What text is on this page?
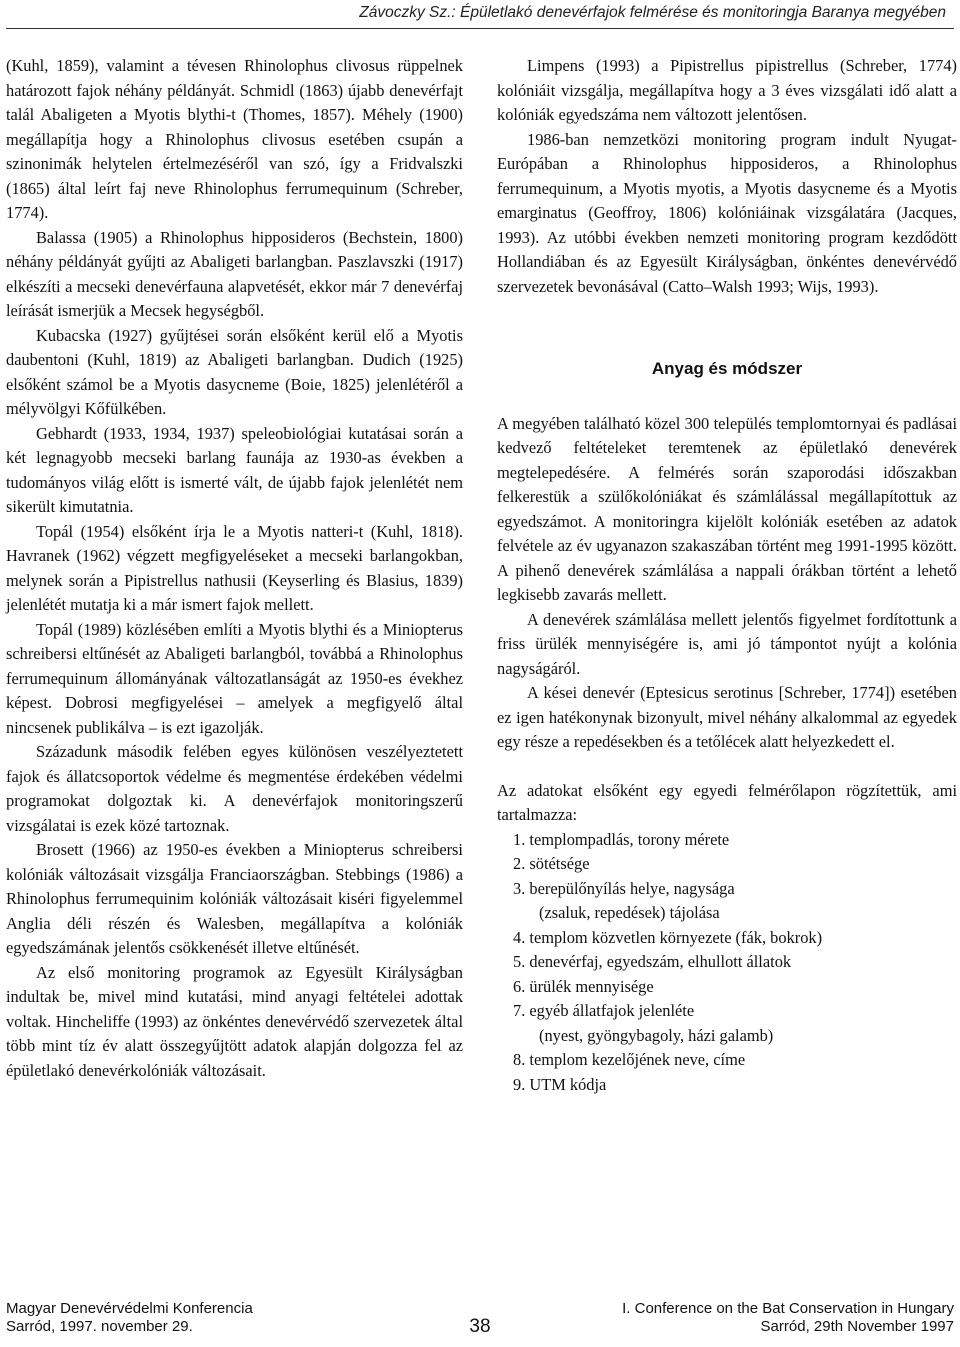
Závoczky Sz.: Épületlakó denevérfajok felmérése és monitoringja Baranya megyében

(Kuhl, 1859), valamint a tévesen Rhinolophus clivosus rüppelnek határozott fajok néhány példányát. Schmidl (1863) újabb denevérfajt talál Abaligeten a Myotis blythi-t (Thomes, 1857). Méhely (1900) megállapítja hogy a Rhinolophus clivosus esetében csupán a szinonimák helytelen értelmezéséről van szó, így a Fridvalszki (1865) által leírt faj neve Rhinolophus ferrumequinum (Schreber, 1774).

Balassa (1905) a Rhinolophus hipposideros (Bechstein, 1800) néhány példányát gyűjti az Abaligeti barlangban. Paszlavszki (1917) elkészíti a mecseki denevérfauna alapvetését, ekkor már 7 denevérfaj leírását ismerjük a Mecsek hegységből.

Kubacska (1927) gyűjtései során elsőként kerül elő a Myotis daubentoni (Kuhl, 1819) az Abaligeti barlangban. Dudich (1925) elsőként számol be a Myotis dasycneme (Boie, 1825) jelenlétéről a mélyvölgyi Kőfülkében.

Gebhardt (1933, 1934, 1937) speleobiológiai kutatásai során a két legnagyobb mecseki barlang faunája az 1930-as években a tudományos világ előtt is ismerté vált, de újabb fajok jelenlétét nem sikerült kimutatnia.

Topál (1954) elsőként írja le a Myotis natteri-t (Kuhl, 1818). Havranek (1962) végzett megfigyeléseket a mecseki barlangokban, melynek során a Pipistrellus nathusii (Keyserling és Blasius, 1839) jelenlétét mutatja ki a már ismert fajok mellett.

Topál (1989) közlésében említi a Myotis blythi és a Miniopterus schreibersi eltűnését az Abaligeti barlangból, továbbá a Rhinolophus ferrumequinum állományának változatlanságát az 1950-es évekhez képest. Dobrosi megfigyelései – amelyek a megfigyelő által nincsenek publikálva – is ezt igazolják.

Századunk második felében egyes különösen veszélyeztetett fajok és állatcsoportok védelme és megmentése érdekében védelmi programokat dolgoztak ki. A denevérfajok monitoringszerű vizsgálatai is ezek közé tartoznak.

Brosett (1966) az 1950-es években a Miniopterus schreibersi kolóniák változásait vizsgálja Franciaországban. Stebbings (1986) a Rhinolophus ferrumequinim kolóniák változásait kiséri figyelemmel Anglia déli részén és Walesben, megállapítva a kolóniák egyedszámának jelentős csökkenését illetve eltűnését.

Az első monitoring programok az Egyesült Királyságban indultak be, mivel mind kutatási, mind anyagi feltételei adottak voltak. Hincheliffe (1993) az önkéntes denevérvédő szervezetek által több mint tíz év alatt összegyűjtött adatok alapján dolgozza fel az épületlakó denevérkolóniák változásait.

Limpens (1993) a Pipistrellus pipistrellus (Schreber, 1774) kolóniáit vizsgálja, megállapítva hogy a 3 éves vizsgálati idő alatt a kolóniák egyedszáma nem változott jelentősen.

1986-ban nemzetközi monitoring program indult Nyugat-Európában a Rhinolophus hipposideros, a Rhinolophus ferrumequinum, a Myotis myotis, a Myotis dasycneme és a Myotis emarginatus (Geoffroy, 1806) kolóniáinak vizsgálatára (Jacques, 1993). Az utóbbi években nemzeti monitoring program kezdődött Hollandiában és az Egyesült Királyságban, önkéntes denevérvédő szervezetek bevonásával (Catto–Walsh 1993; Wijs, 1993).

Anyag és módszer

A megyében található közel 300 település templomtornyai és padlásai kedvező feltételeket teremtenek az épületlakó denevérek megtelepedésére. A felmérés során szaporodási időszakban felkerestük a szülőkolóniákat és számlálással megállapítottuk az egyedszámot. A monitoringra kijelölt kolóniák esetében az adatok felvétele az év ugyanazon szakaszában történt meg 1991-1995 között. A pihenő denevérek számlálása a nappali órákban történt a lehető legkisebb zavarás mellett.

A denevérek számlálása mellett jelentős figyelmet fordítottunk a friss ürülék mennyiségére is, ami jó támpontot nyújt a kolónia nagyságáról.

A kései denevér (Eptesicus serotinus [Schreber, 1774]) esetében ez igen hatékonynak bizonyult, mivel néhány alkalommal az egyedek egy része a repedésekben és a tetőlécek alatt helyezkedett el.

Az adatokat elsőként egy egyedi felmérőlapon rögzítettük, ami tartalmazza:

1. templompadlás, torony mérete
2. sötétsége
3. berepülőnyílás helye, nagysága
(zsaluk, repedések) tájolása
4. templom közvetlen környezete (fák, bokrok)
5. denevérfaj, egyedszám, elhullott állatok
6. ürülék mennyisége
7. egyéb állatfajok jelenléte
(nyest, gyöngybagoly, házi galamb)
8. templom kezelőjének neve, címe
9. UTM kódja
Magyar Denevérvédelmi Konferencia
Sarród, 1997. november 29.	38
I. Conference on the Bat Conservation in Hungary
Sarród, 29th November 1997
